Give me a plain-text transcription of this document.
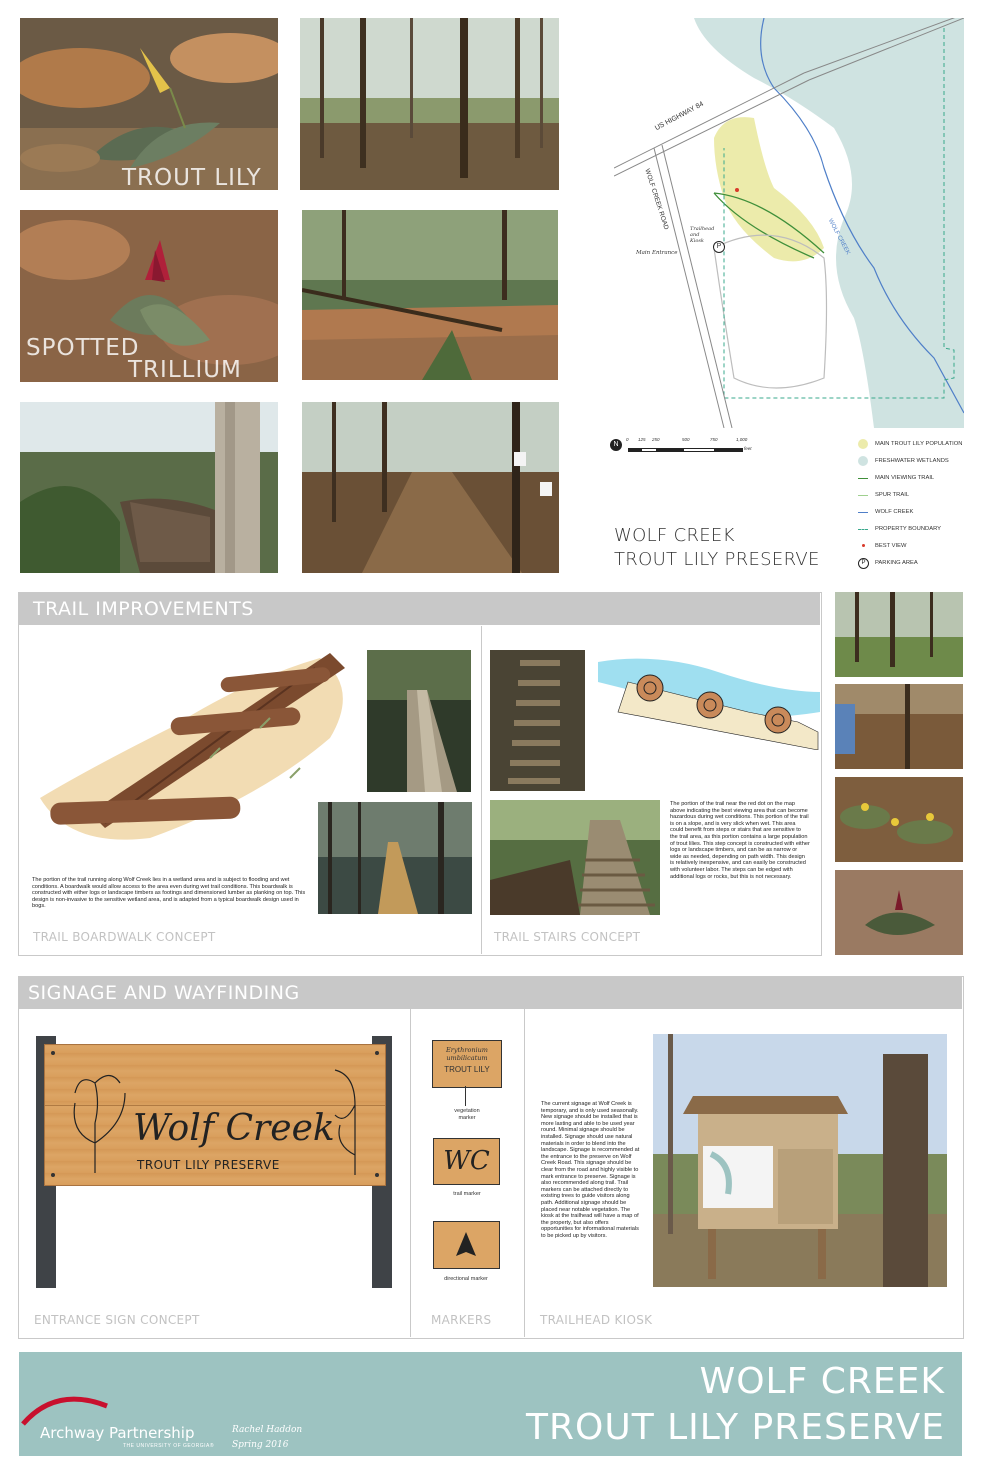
TROUT LILY
SPOTTED
TRILLIUM
US HIGHWAY 84
WOLF CREEK ROAD
WOLF CREEK
Trailhead and Kiosk
Main Entrance
P
N
0 125 250	500	750	1,000
feet
MAIN TROUT LILY POPULATION
FRESHWATER WETLANDS
MAIN VIEWING TRAIL
SPUR TRAIL
WOLF CREEK
PROPERTY BOUNDARY
BEST VIEW
P	PARKING AREA
WOLF CREEK
TROUT LILY PRESERVE
TRAIL IMPROVEMENTS
The portion of the trail running along Wolf Creek lies in a wetland area and is subject to flooding and wet conditions. A boardwalk would allow access to the area even during wet trail conditions. This boardwalk is constructed with either logs or landscape timbers as footings and dimensioned lumber as planking on top. This design is non-invasive to the sensitive wetland area, and is adapted from a typical boardwalk design used in bogs.
TRAIL BOARDWALK CONCEPT
The portion of the trail near the red dot on the map above indicating the best viewing area that can become hazardous during wet conditions. This portion of the trail is on a slope, and is very slick when wet. This area could benefit from steps or stairs that are sensitive to the trail area, as this portion contains a large population of trout lilies. This step concept is constructed with either logs or landscape timbers, and can be as narrow or wide as needed, depending on path width. This design is relatively inexpensive, and can easily be constructed with volunteer labor. The steps can be edged with additional logs or rocks, but this is not necessary.
TRAIL STAIRS CONCEPT
SIGNAGE AND WAYFINDING
Wolf Creek
TROUT LILY PRESERVE
ENTRANCE SIGN CONCEPT
Erythronium
umbilicatum
TROUT LILY
vegetation marker
WC
trail marker
directional marker
MARKERS
The current signage at Wolf Creek is temporary, and is only used seasonally. New signage should be installed that is more lasting and able to be used year round. Minimal signage should be installed. Signage should use natural materials in order to blend into the landscape. Signage is recommended at the entrance to the preserve on Wolf Creek Road. This signage should be clear from the road and highly visible to mark entrance to preserve. Signage is also recommended along trail. Trail markers can be attached directly to existing trees to guide visitors along path. Additional signage should be placed near notable vegetation. The kiosk at the trailhead will have a map of the property, but also offers opportunities for informational materials to be picked up by visitors.
TRAILHEAD KIOSK
Archway Partnership
THE UNIVERSITY OF GEORGIA®
Rachel Haddon
Spring 2016
WOLF CREEK
TROUT LILY PRESERVE
